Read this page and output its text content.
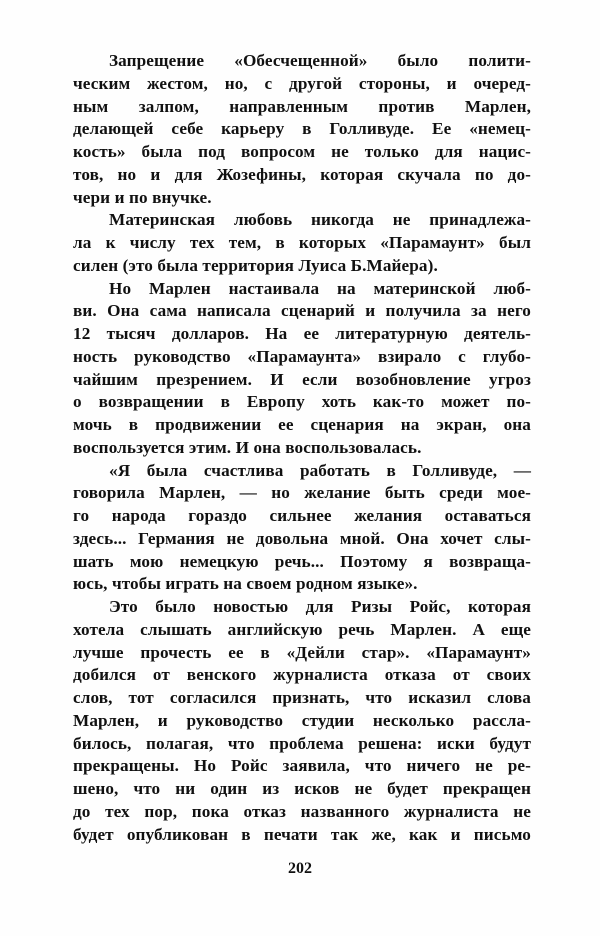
Запрещение «Обесчещенной» было полити-
ческим жестом, но, с другой стороны, и очеред-
ным залпом, направленным против Марлен,
делающей себе карьеру в Голливуде. Ее «немец-
кость» была под вопросом не только для нацис-
тов, но и для Жозефины, которая скучала по до-
чери и по внучке.
Материнская любовь никогда не принадлежа-
ла к числу тех тем, в которых «Парамаунт» был
силен (это была территория Луиса Б.Майера).
Но Марлен настаивала на материнской люб-
ви. Она сама написала сценарий и получила за него
12 тысяч долларов. На ее литературную деятель-
ность руководство «Парамаунта» взирало с глубо-
чайшим презрением. И если возобновление угроз
о возвращении в Европу хоть как-то может по-
мочь в продвижении ее сценария на экран, она
воспользуется этим. И она воспользовалась.
«Я была счастлива работать в Голливуде, —
говорила Марлен, — но желание быть среди мое-
го народа гораздо сильнее желания оставаться
здесь... Германия не довольна мной. Она хочет слы-
шать мою немецкую речь... Поэтому я возвраща-
юсь, чтобы играть на своем родном языке».
Это было новостью для Ризы Ройс, которая
хотела слышать английскую речь Марлен. А еще
лучше прочесть ее в «Дейли стар». «Парамаунт»
добился от венского журналиста отказа от своих
слов, тот согласился признать, что исказил слова
Марлен, и руководство студии несколько рассла-
билось, полагая, что проблема решена: иски будут
прекращены. Но Ройс заявила, что ничего не ре-
шено, что ни один из исков не будет прекращен
до тех пор, пока отказ названного журналиста не
будет опубликован в печати так же, как и письмо
202
